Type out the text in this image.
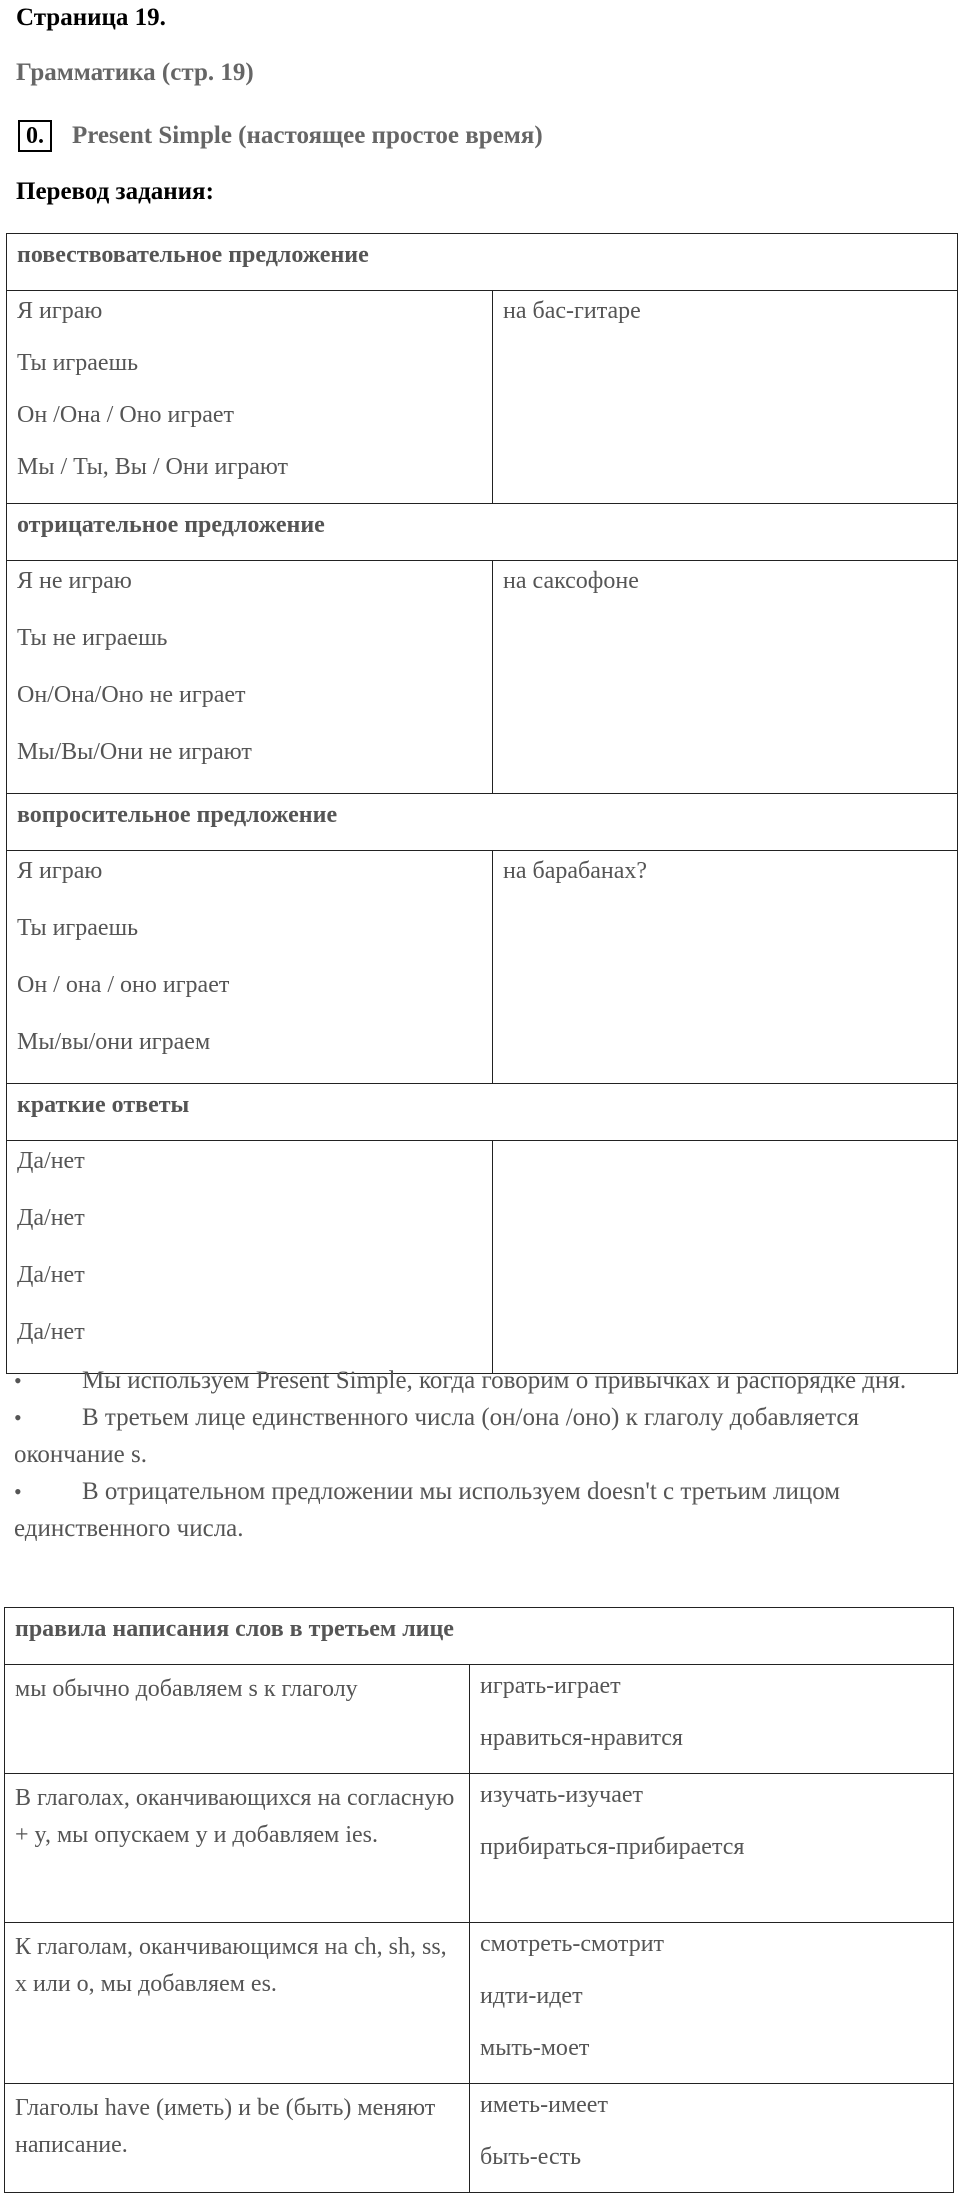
Страница 19.
Грамматика (стр. 19)
0.	Present Simple (настоящее простое время)
Перевод задания:
повествовательное предложение	

Я играю
Ты играешь
Он /Она / Оно играет
Мы / Ты, Вы / Они играют	на бас-гитаре

отрицательное предложение	

Я не играю
Ты не играешь
Он/Она/Оно не играет
Мы/Вы/Они не играют	на саксофоне

вопросительное предложение	

Я играю
Ты играешь
Он / она / оно играет
Мы/вы/они играем	на барабанах?

краткие ответы	

Да/нет
Да/нет
Да/нет
Да/нет	

•Мы используем Present Simple, когда говорим о привычках и распорядке дня.
•В третьем лице единственного числа (он/она /оно) к глаголу добавляется окончание s.
•В отрицательном предложении мы используем doesn't с третьим лицом единственного числа.
правила написания слов в третьем лице	
мы обычно добавляем s к глаголу	играть-играет
нравиться-нравится

В глаголах, оканчивающихся на согласную + y, мы опускаем y и добавляем ies.	изучать-изучает
прибираться-прибирается

К глаголам, оканчивающимся на ch, sh, ss, x или o, мы добавляем es.	смотреть-смотрит
идти-идет
мыть-моет

Глаголы have (иметь) и be (быть) меняют написание.	иметь-имеет
быть-есть
